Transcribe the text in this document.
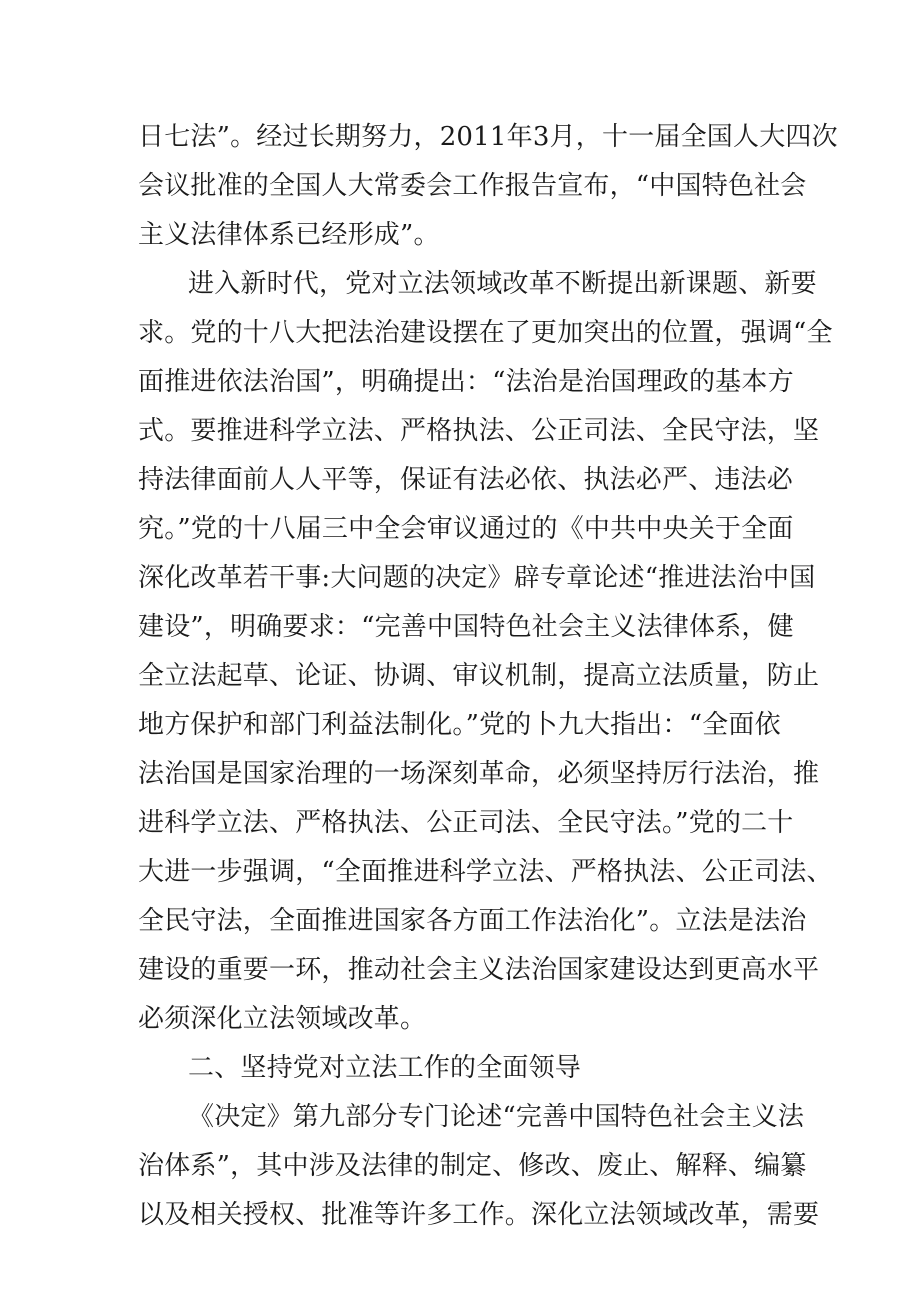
日七法”。经过长期努力，2011年3月，十一届全国人大四次
会议批准的全国人大常委会工作报告宣布，“中国特色社会
主义法律体系已经形成”。
进入新时代，党对立法领域改革不断提出新课题、新要
求。党的十八大把法治建设摆在了更加突出的位置，强调“全
面推进依法治国”，明确提出：“法治是治国理政的基本方
式。要推进科学立法、严格执法、公正司法、全民守法，坚
持法律面前人人平等，保证有法必依、执法必严、违法必
究。”党的十八届三中全会审议通过的《中共中央关于全面
深化改革若干事:大问题的决定》辟专章论述“推进法治中国
建设”，明确要求：“完善中国特色社会主义法律体系，健
全立法起草、论证、协调、审议机制，提高立法质量，防止
地方保护和部门利益法制化。”党的卜九大指出：“全面依
法治国是国家治理的一场深刻革命，必须坚持厉行法治，推
进科学立法、严格执法、公正司法、全民守法。”党的二十
大进一步强调，“全面推进科学立法、严格执法、公正司法、
全民守法，全面推进国家各方面工作法治化”。立法是法治
建设的重要一环，推动社会主义法治国家建设达到更高水平
必须深化立法领域改革。
二、坚持党对立法工作的全面领导
《决定》第九部分专门论述“完善中国特色社会主义法
治体系”，其中涉及法律的制定、修改、废止、解释、编纂
以及相关授权、批准等许多工作。深化立法领域改革，需要
